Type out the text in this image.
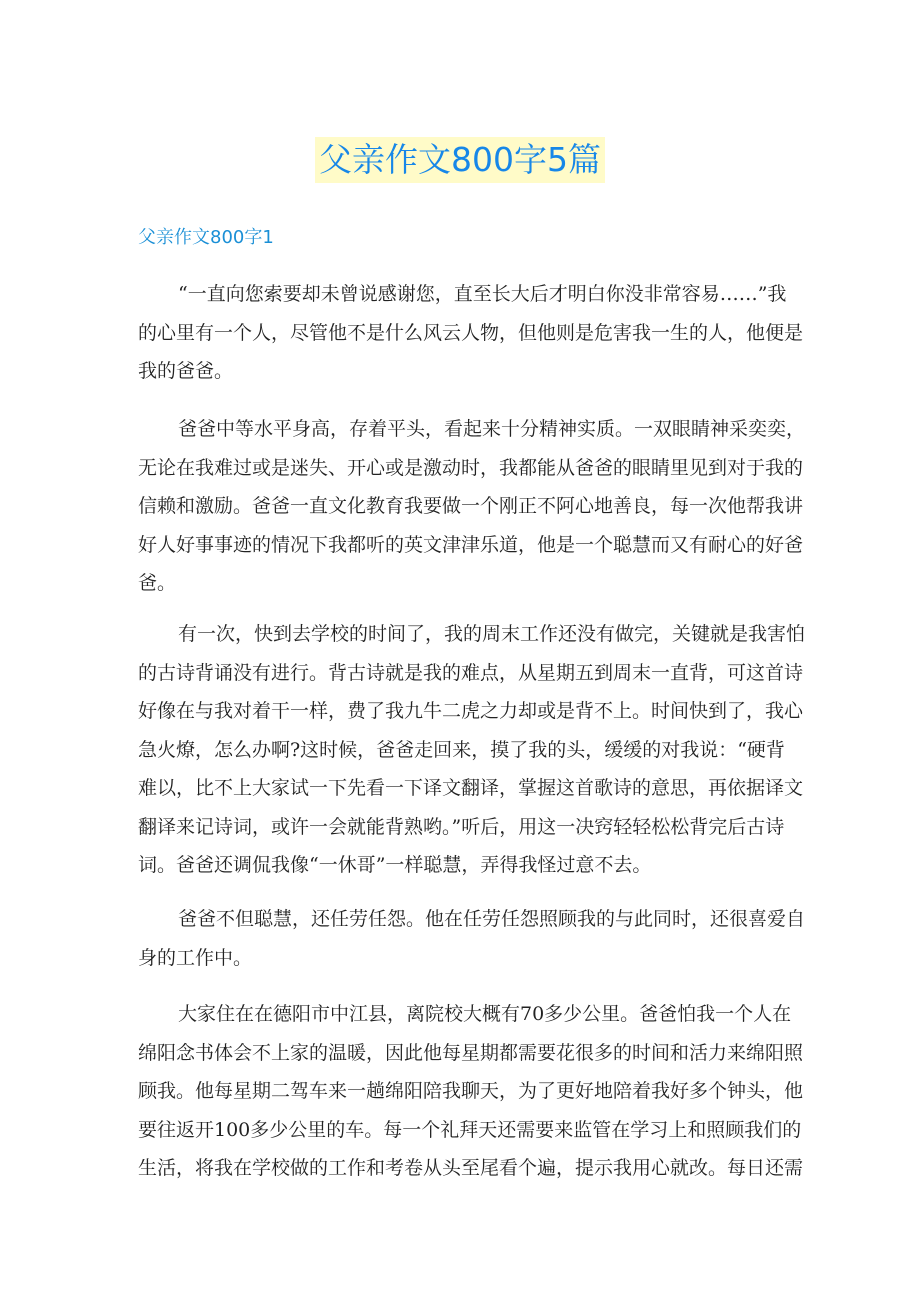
父亲作文800字5篇
父亲作文800字1
“一直向您索要却未曾说感谢您，直至长大后才明白你没非常容易……”我
的心里有一个人，尽管他不是什么风云人物，但他则是危害我一生的人，他便是
我的爸爸。
爸爸中等水平身高，存着平头，看起来十分精神实质。一双眼睛神采奕奕，
无论在我难过或是迷失、开心或是激动时，我都能从爸爸的眼睛里见到对于我的
信赖和激励。爸爸一直文化教育我要做一个刚正不阿心地善良，每一次他帮我讲
好人好事事迹的情况下我都听的英文津津乐道，他是一个聪慧而又有耐心的好爸
爸。
有一次，快到去学校的时间了，我的周末工作还没有做完，关键就是我害怕
的古诗背诵没有进行。背古诗就是我的难点，从星期五到周末一直背，可这首诗
好像在与我对着干一样，费了我九牛二虎之力却或是背不上。时间快到了，我心
急火燎，怎么办啊?这时候，爸爸走回来，摸了我的头，缓缓的对我说：“硬背
难以，比不上大家试一下先看一下译文翻译，掌握这首歌诗的意思，再依据译文
翻译来记诗词，或许一会就能背熟哟。”听后，用这一决窍轻轻松松背完后古诗
词。爸爸还调侃我像“一休哥”一样聪慧，弄得我怪过意不去。
爸爸不但聪慧，还任劳任怨。他在任劳任怨照顾我的与此同时，还很喜爱自
身的工作中。
大家住在在德阳市中江县，离院校大概有70多少公里。爸爸怕我一个人在
绵阳念书体会不上家的温暖，因此他每星期都需要花很多的时间和活力来绵阳照
顾我。他每星期二驾车来一趟绵阳陪我聊天，为了更好地陪着我好多个钟头，他
要往返开100多少公里的车。每一个礼拜天还需要来监管在学习上和照顾我们的
生活，将我在学校做的工作和考卷从头至尾看个遍，提示我用心就改。每日还需
